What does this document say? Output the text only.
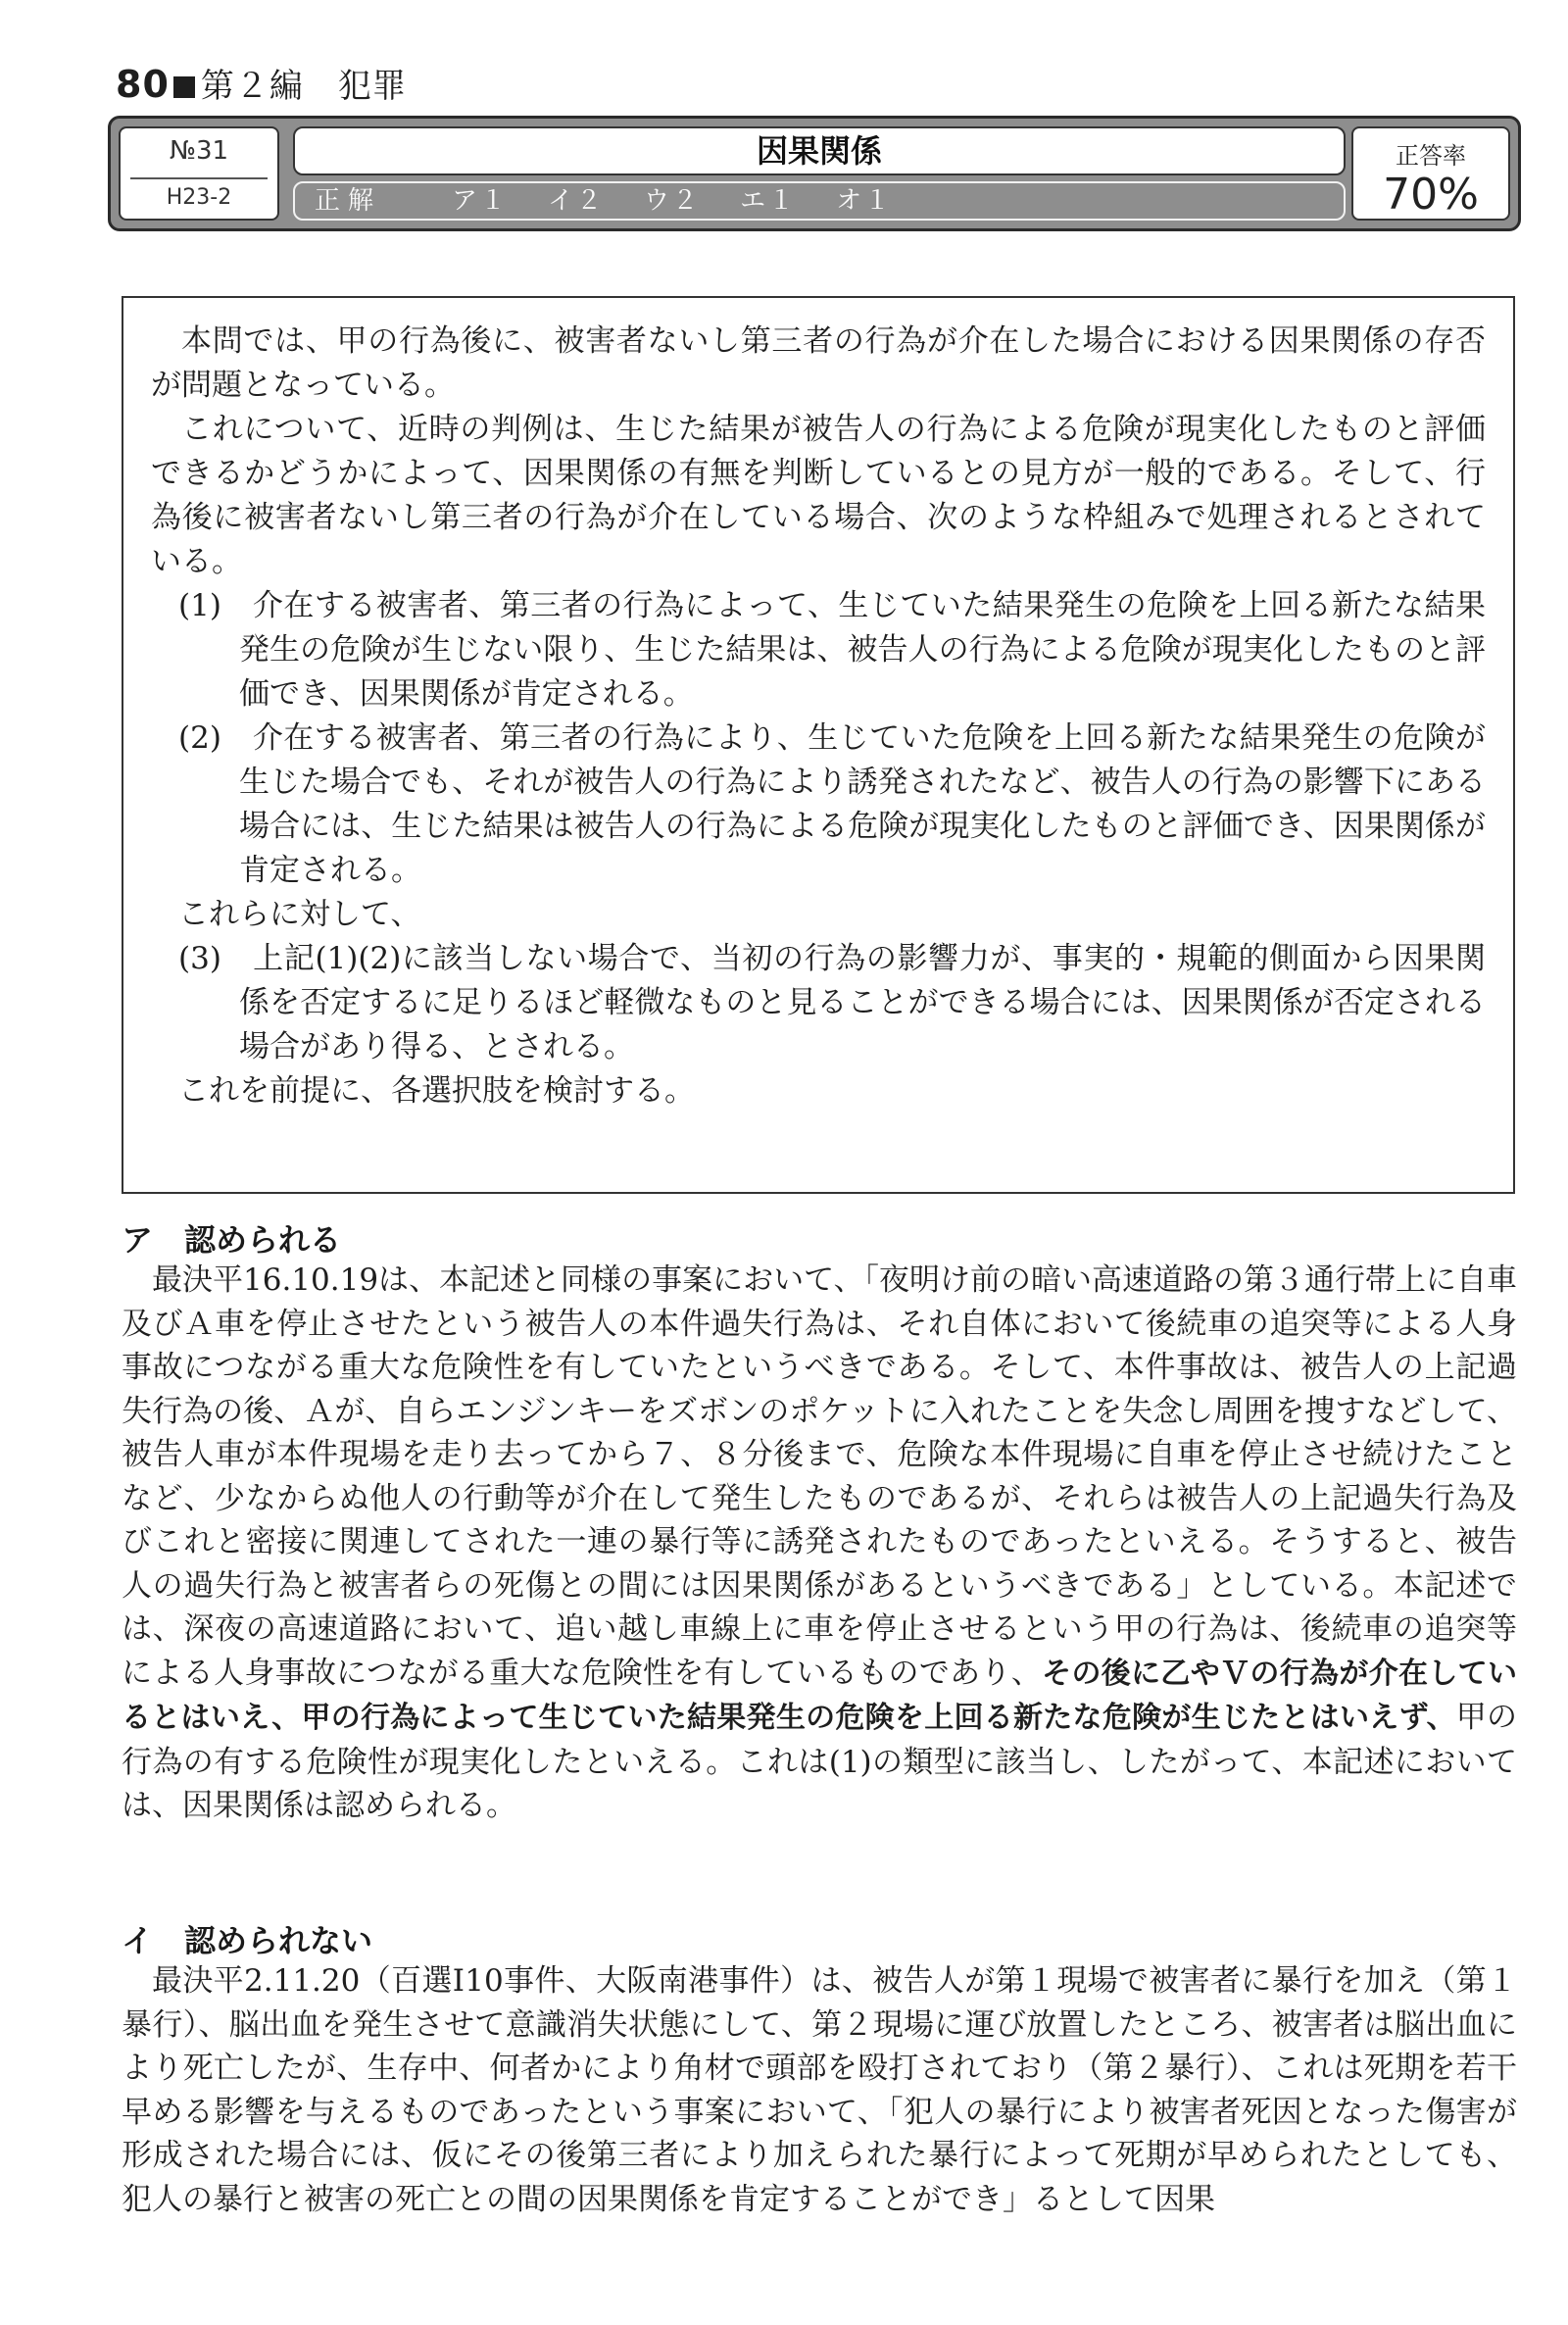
80 第２編　 犯罪
№31
H23-2
因果関係
正解	ア１ イ２ ウ２ エ１ オ１
正答率
70%

本問では、甲の行為後に、被害者ないし第三者の行為が介在した場合における因果関係の存否が問題となっている。

これについて、近時の判例は、生じた結果が被告人の行為による危険が現実化したものと評価できるかどうかによって、因果関係の有無を判断しているとの見方が一般的である。そして、行為後に被害者ないし第三者の行為が介在している場合、次のような枠組みで処理されるとされている。

(1)　介在する被害者、第三者の行為によって、生じていた結果発生の危険を上回る新たな結果発生の危険が生じない限り、生じた結果は、被告人の行為による危険が現実化したものと評価でき、因果関係が肯定される。

(2)　介在する被害者、第三者の行為により、生じていた危険を上回る新たな結果発生の危険が生じた場合でも、それが被告人の行為により誘発されたなど、被告人の行為の影響下にある場合には、生じた結果は被告人の行為による危険が現実化したものと評価でき、因果関係が肯定される。

これらに対して、

(3)　上記(1)(2)に該当しない場合で、当初の行為の影響力が、事実的・規範的側面から因果関係を否定するに足りるほど軽微なものと見ることができる場合には、因果関係が否定される場合があり得る、とされる。

これを前提に、各選択肢を検討する。

ア　認められる

最決平16.10.19は、本記述と同様の事案において、「夜明け前の暗い高速道路の第３通行帯上に自車及びＡ車を停止させたという被告人の本件過失行為は、それ自体において後続車の追突等による人身事故につながる重大な危険性を有していたというべきである。そして、本件事故は、被告人の上記過失行為の後、Ａが、自らエンジンキーをズボンのポケットに入れたことを失念し周囲を捜すなどして、被告人車が本件現場を走り去ってから７、８分後まで、危険な本件現場に自車を停止させ続けたことなど、少なからぬ他人の行動等が介在して発生したものであるが、それらは被告人の上記過失行為及びこれと密接に関連してされた一連の暴行等に誘発されたものであったといえる。そうすると、被告人の過失行為と被害者らの死傷との間には因果関係があるというべきである」としている。本記述では、深夜の高速道路において、追い越し車線上に車を停止させるという甲の行為は、後続車の追突等による人身事故につながる重大な危険性を有しているものであり、その後に乙やＶの行為が介在しているとはいえ、甲の行為によって生じていた結果発生の危険を上回る新たな危険が生じたとはいえず、甲の行為の有する危険性が現実化したといえる。これは(1)の類型に該当し、したがって、本記述においては、因果関係は認められる。

イ　認められない

最決平2.11.20（百選Ⅰ10事件、大阪南港事件）は、被告人が第１現場で被害者に暴行を加え（第１暴行）、脳出血を発生させて意識消失状態にして、第２現場に運び放置したところ、被害者は脳出血により死亡したが、生存中、何者かにより角材で頭部を殴打されており（第２暴行）、これは死期を若干早める影響を与えるものであったという事案において、「犯人の暴行により被害者死因となった傷害が形成された場合には、仮にその後第三者により加えられた暴行によって死期が早められたとしても、犯人の暴行と被害の死亡との間の因果関係を肯定することができ」るとして因果
